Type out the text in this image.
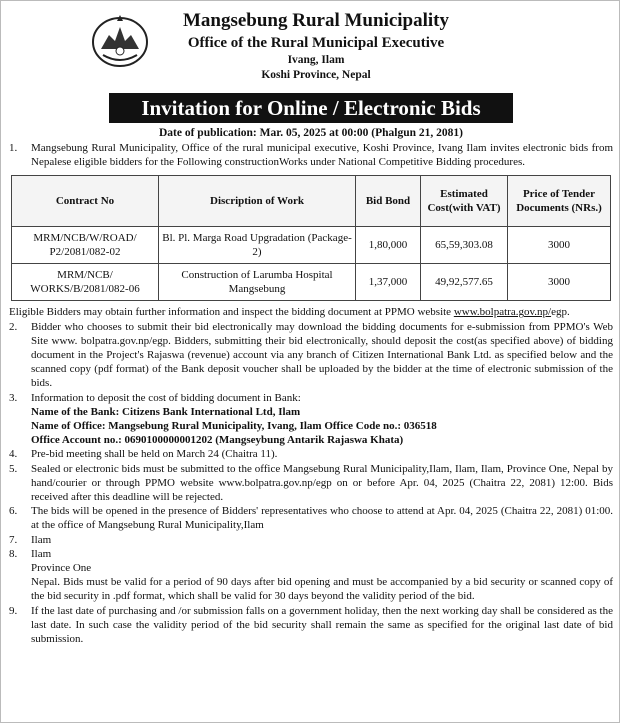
Mangsebung Rural Municipality
Office of the Rural Municipal Executive
Ivang, Ilam
Koshi Province, Nepal
Invitation for Online / Electronic Bids
Date of publication: Mar. 05, 2025 at 00:00 (Phalgun 21, 2081)
1.	Mangsebung Rural Municipality, Office of the rural municipal executive, Koshi Province, Ivang Ilam invites electronic bids from Nepalese eligible bidders for the Following constructionWorks under National Competitive Bidding procedures.
Contract No	Discription of Work	Bid Bond	Estimated Cost(with VAT)	Price of Tender Documents (NRs.)
MRM/NCB/W/ROAD/ P2/2081/082-02	Bl. Pl. Marga Road Upgradation (Package-2)	1,80,000	65,59,303.08	3000
MRM/NCB/ WORKS/B/2081/082-06	Construction of Larumba Hospital Mangsebung	1,37,000	49,92,577.65	3000
Eligible Bidders may obtain further information and inspect the bidding document at PPMO website www.bolpatra.gov.np/egp.
2.	Bidder who chooses to submit their bid electronically may download the bidding documents for e-submission from PPMO's Web Site www. bolpatra.gov.np/egp. Bidders, submitting their bid electronically, should deposit the cost(as specified above) of bidding document in the Project's Rajaswa (revenue) account via any branch of Citizen International Bank Ltd. as specified below and the scanned copy (pdf format) of the Bank deposit voucher shall be uploaded by the bidder at the time of electronic submission of the bids.
3.	Information to deposit the cost of bidding document in Bank:
Name of the Bank: Citizens Bank International Ltd, Ilam
Name of Office: Mangsebung Rural Municipality, Ivang, Ilam Office Code no.: 036518
Office Account no.: 0690100000001202 (Mangseybung Antarik Rajaswa Khata)
4.	Pre-bid meeting shall be held on March 24 (Chaitra 11).
5.	Sealed or electronic bids must be submitted to the office Mangsebung Rural Municipality,Ilam, Ilam, Ilam, Province One, Nepal by hand/courier or through PPMO website www.bolpatra.gov.np/egp on or before Apr. 04, 2025 (Chaitra 22, 2081) 12:00. Bids received after this deadline will be rejected.
6.	The bids will be opened in the presence of Bidders' representatives who choose to attend at Apr. 04, 2025 (Chaitra 22, 2081) 01:00. at the office of Mangsebung Rural Municipality,Ilam
7.	Ilam
8.	Ilam
Province One
Nepal. Bids must be valid for a period of 90 days after bid opening and must be accompanied by a bid security or scanned copy of the bid security in .pdf format, which shall be valid for 30 days beyond the validity period of the bid.
9.	If the last date of purchasing and /or submission falls on a government holiday, then the next working day shall be considered as the last date. In such case the validity period of the bid security shall remain the same as specified for the original last date of bid submission.
